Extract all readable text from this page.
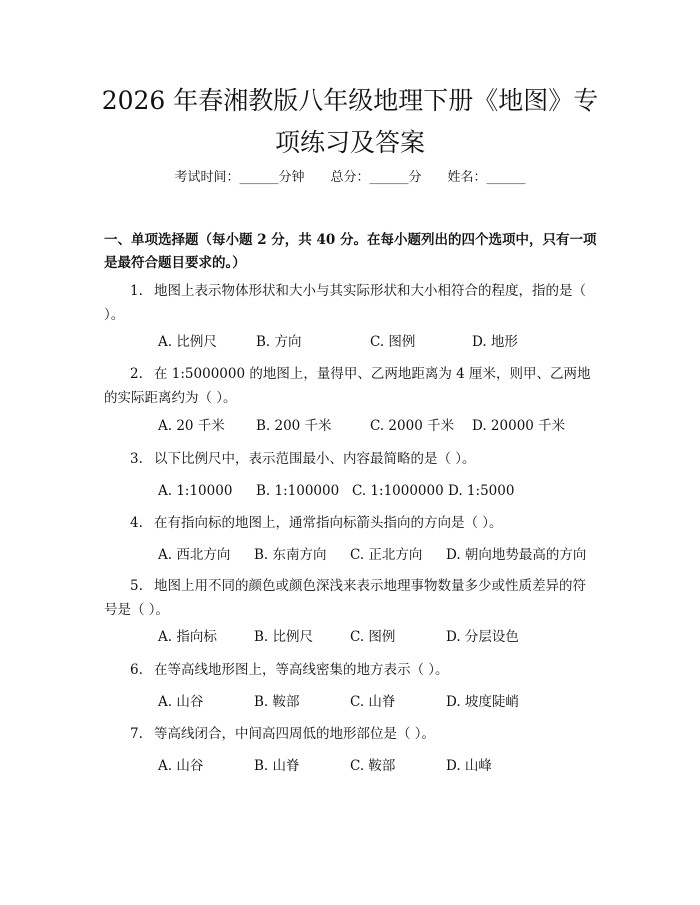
2026 年春湘教版八年级地理下册《地图》专
项练习及答案
考试时间：______分钟 总分：______分 姓名：______

一、单项选择题（每小题 2 分，共 40 分。在每小题列出的四个选项中，只有一项是最符合题目要求的。）

1. 地图上表示物体形状和大小与其实际形状和大小相符合的程度，指的是（ ）。

A. 比例尺	B. 方向	C. 图例	D. 地形

2. 在 1:5000000 的地图上，量得甲、乙两地距离为 4 厘米，则甲、乙两地的实际距离约为（ ）。

A. 20 千米	B. 200 千米	C. 2000 千米	D. 20000 千米

3. 以下比例尺中，表示范围最小、内容最简略的是（ ）。

A. 1:10000	B. 1:100000 C. 1:1000000 D. 1:5000

4. 在有指向标的地图上，通常指向标箭头指向的方向是（ ）。

A. 西北方向	B. 东南方向	C. 正北方向	D. 朝向地势最高的方向

5. 地图上用不同的颜色或颜色深浅来表示地理事物数量多少或性质差异的符号是（ ）。

A. 指向标	B. 比例尺	C. 图例	D. 分层设色

6. 在等高线地形图上，等高线密集的地方表示（ ）。

A. 山谷	B. 鞍部	C. 山脊	D. 坡度陡峭

7. 等高线闭合，中间高四周低的地形部位是（ ）。

A. 山谷	B. 山脊	C. 鞍部	D. 山峰
